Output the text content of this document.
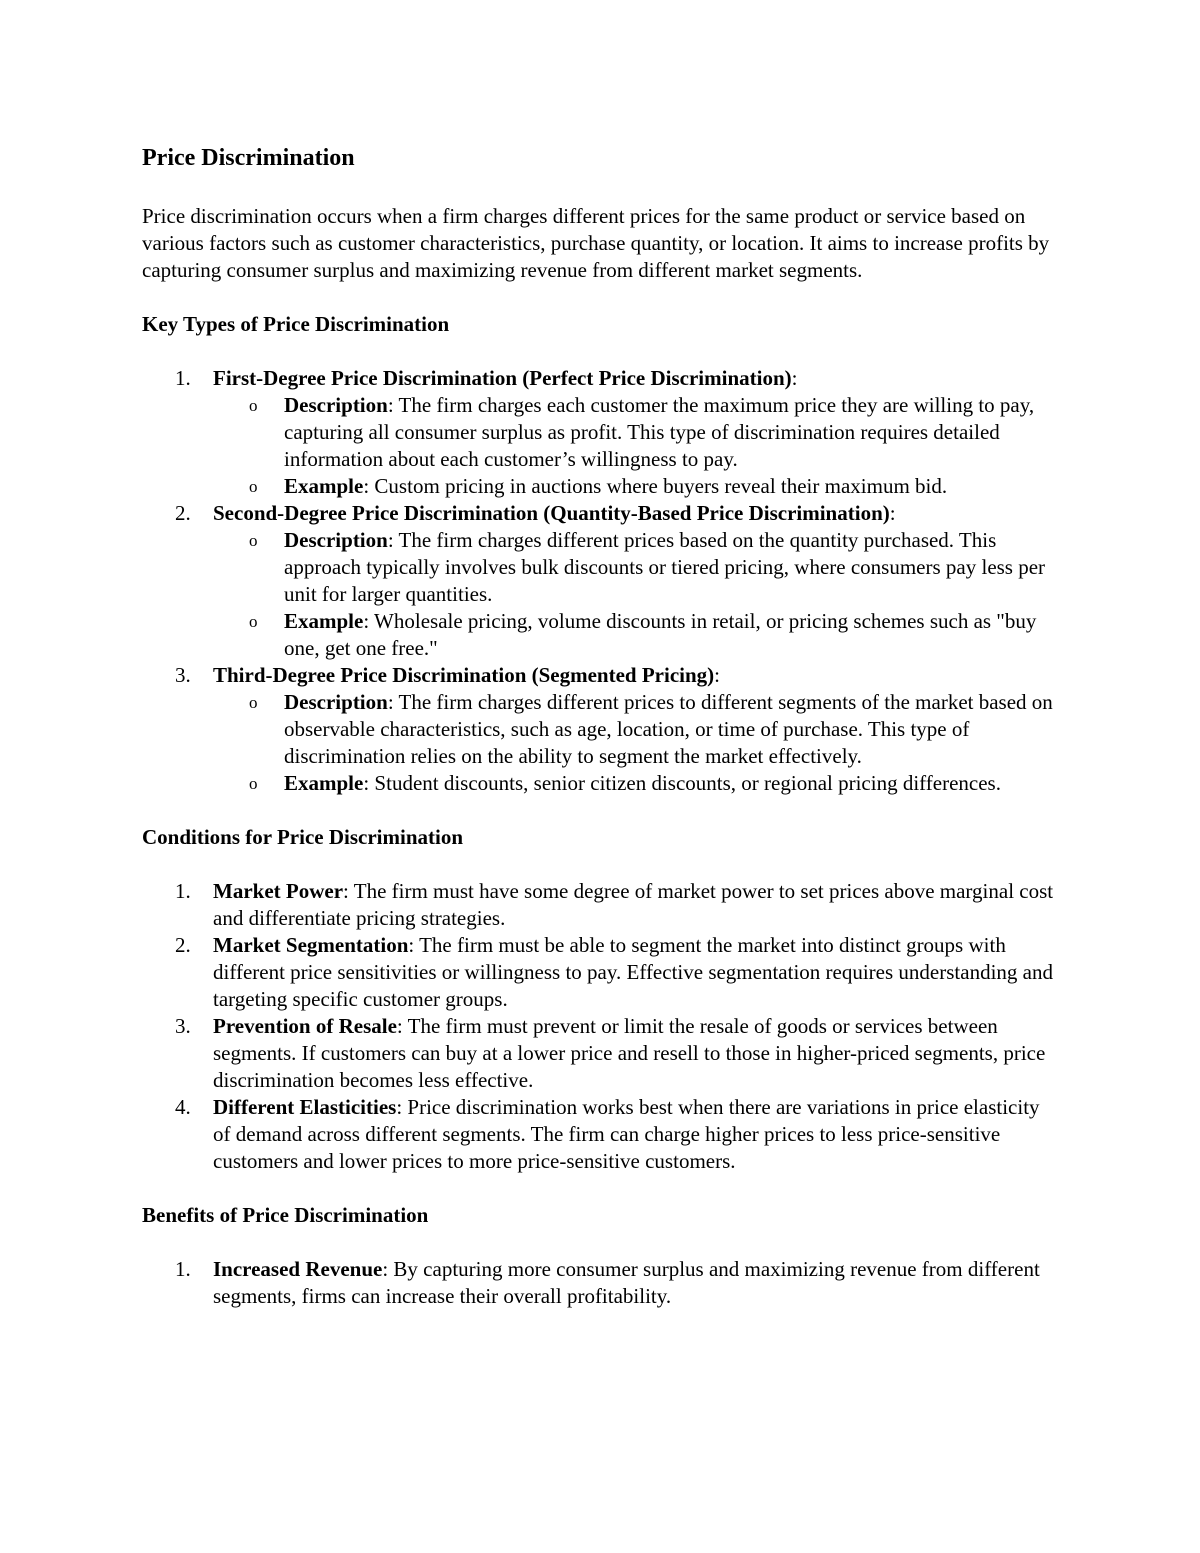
Price Discrimination

Price discrimination occurs when a firm charges different prices for the same product or service based on various factors such as customer characteristics, purchase quantity, or location. It aims to increase profits by capturing consumer surplus and maximizing revenue from different market segments.

Key Types of Price Discrimination
1. First-Degree Price Discrimination (Perfect Price Discrimination):
o Description: The firm charges each customer the maximum price they are willing to pay, capturing all consumer surplus as profit. This type of discrimination requires detailed information about each customer’s willingness to pay.
o Example: Custom pricing in auctions where buyers reveal their maximum bid.
2. Second-Degree Price Discrimination (Quantity-Based Price Discrimination):
o Description: The firm charges different prices based on the quantity purchased. This approach typically involves bulk discounts or tiered pricing, where consumers pay less per unit for larger quantities.
o Example: Wholesale pricing, volume discounts in retail, or pricing schemes such as "buy one, get one free."
3. Third-Degree Price Discrimination (Segmented Pricing):
o Description: The firm charges different prices to different segments of the market based on observable characteristics, such as age, location, or time of purchase. This type of discrimination relies on the ability to segment the market effectively.
o Example: Student discounts, senior citizen discounts, or regional pricing differences.
Conditions for Price Discrimination
1. Market Power: The firm must have some degree of market power to set prices above marginal cost and differentiate pricing strategies.
2. Market Segmentation: The firm must be able to segment the market into distinct groups with different price sensitivities or willingness to pay. Effective segmentation requires understanding and targeting specific customer groups.
3. Prevention of Resale: The firm must prevent or limit the resale of goods or services between segments. If customers can buy at a lower price and resell to those in higher-priced segments, price discrimination becomes less effective.
4. Different Elasticities: Price discrimination works best when there are variations in price elasticity of demand across different segments. The firm can charge higher prices to less price-sensitive customers and lower prices to more price-sensitive customers.
Benefits of Price Discrimination
1. Increased Revenue: By capturing more consumer surplus and maximizing revenue from different segments, firms can increase their overall profitability.
